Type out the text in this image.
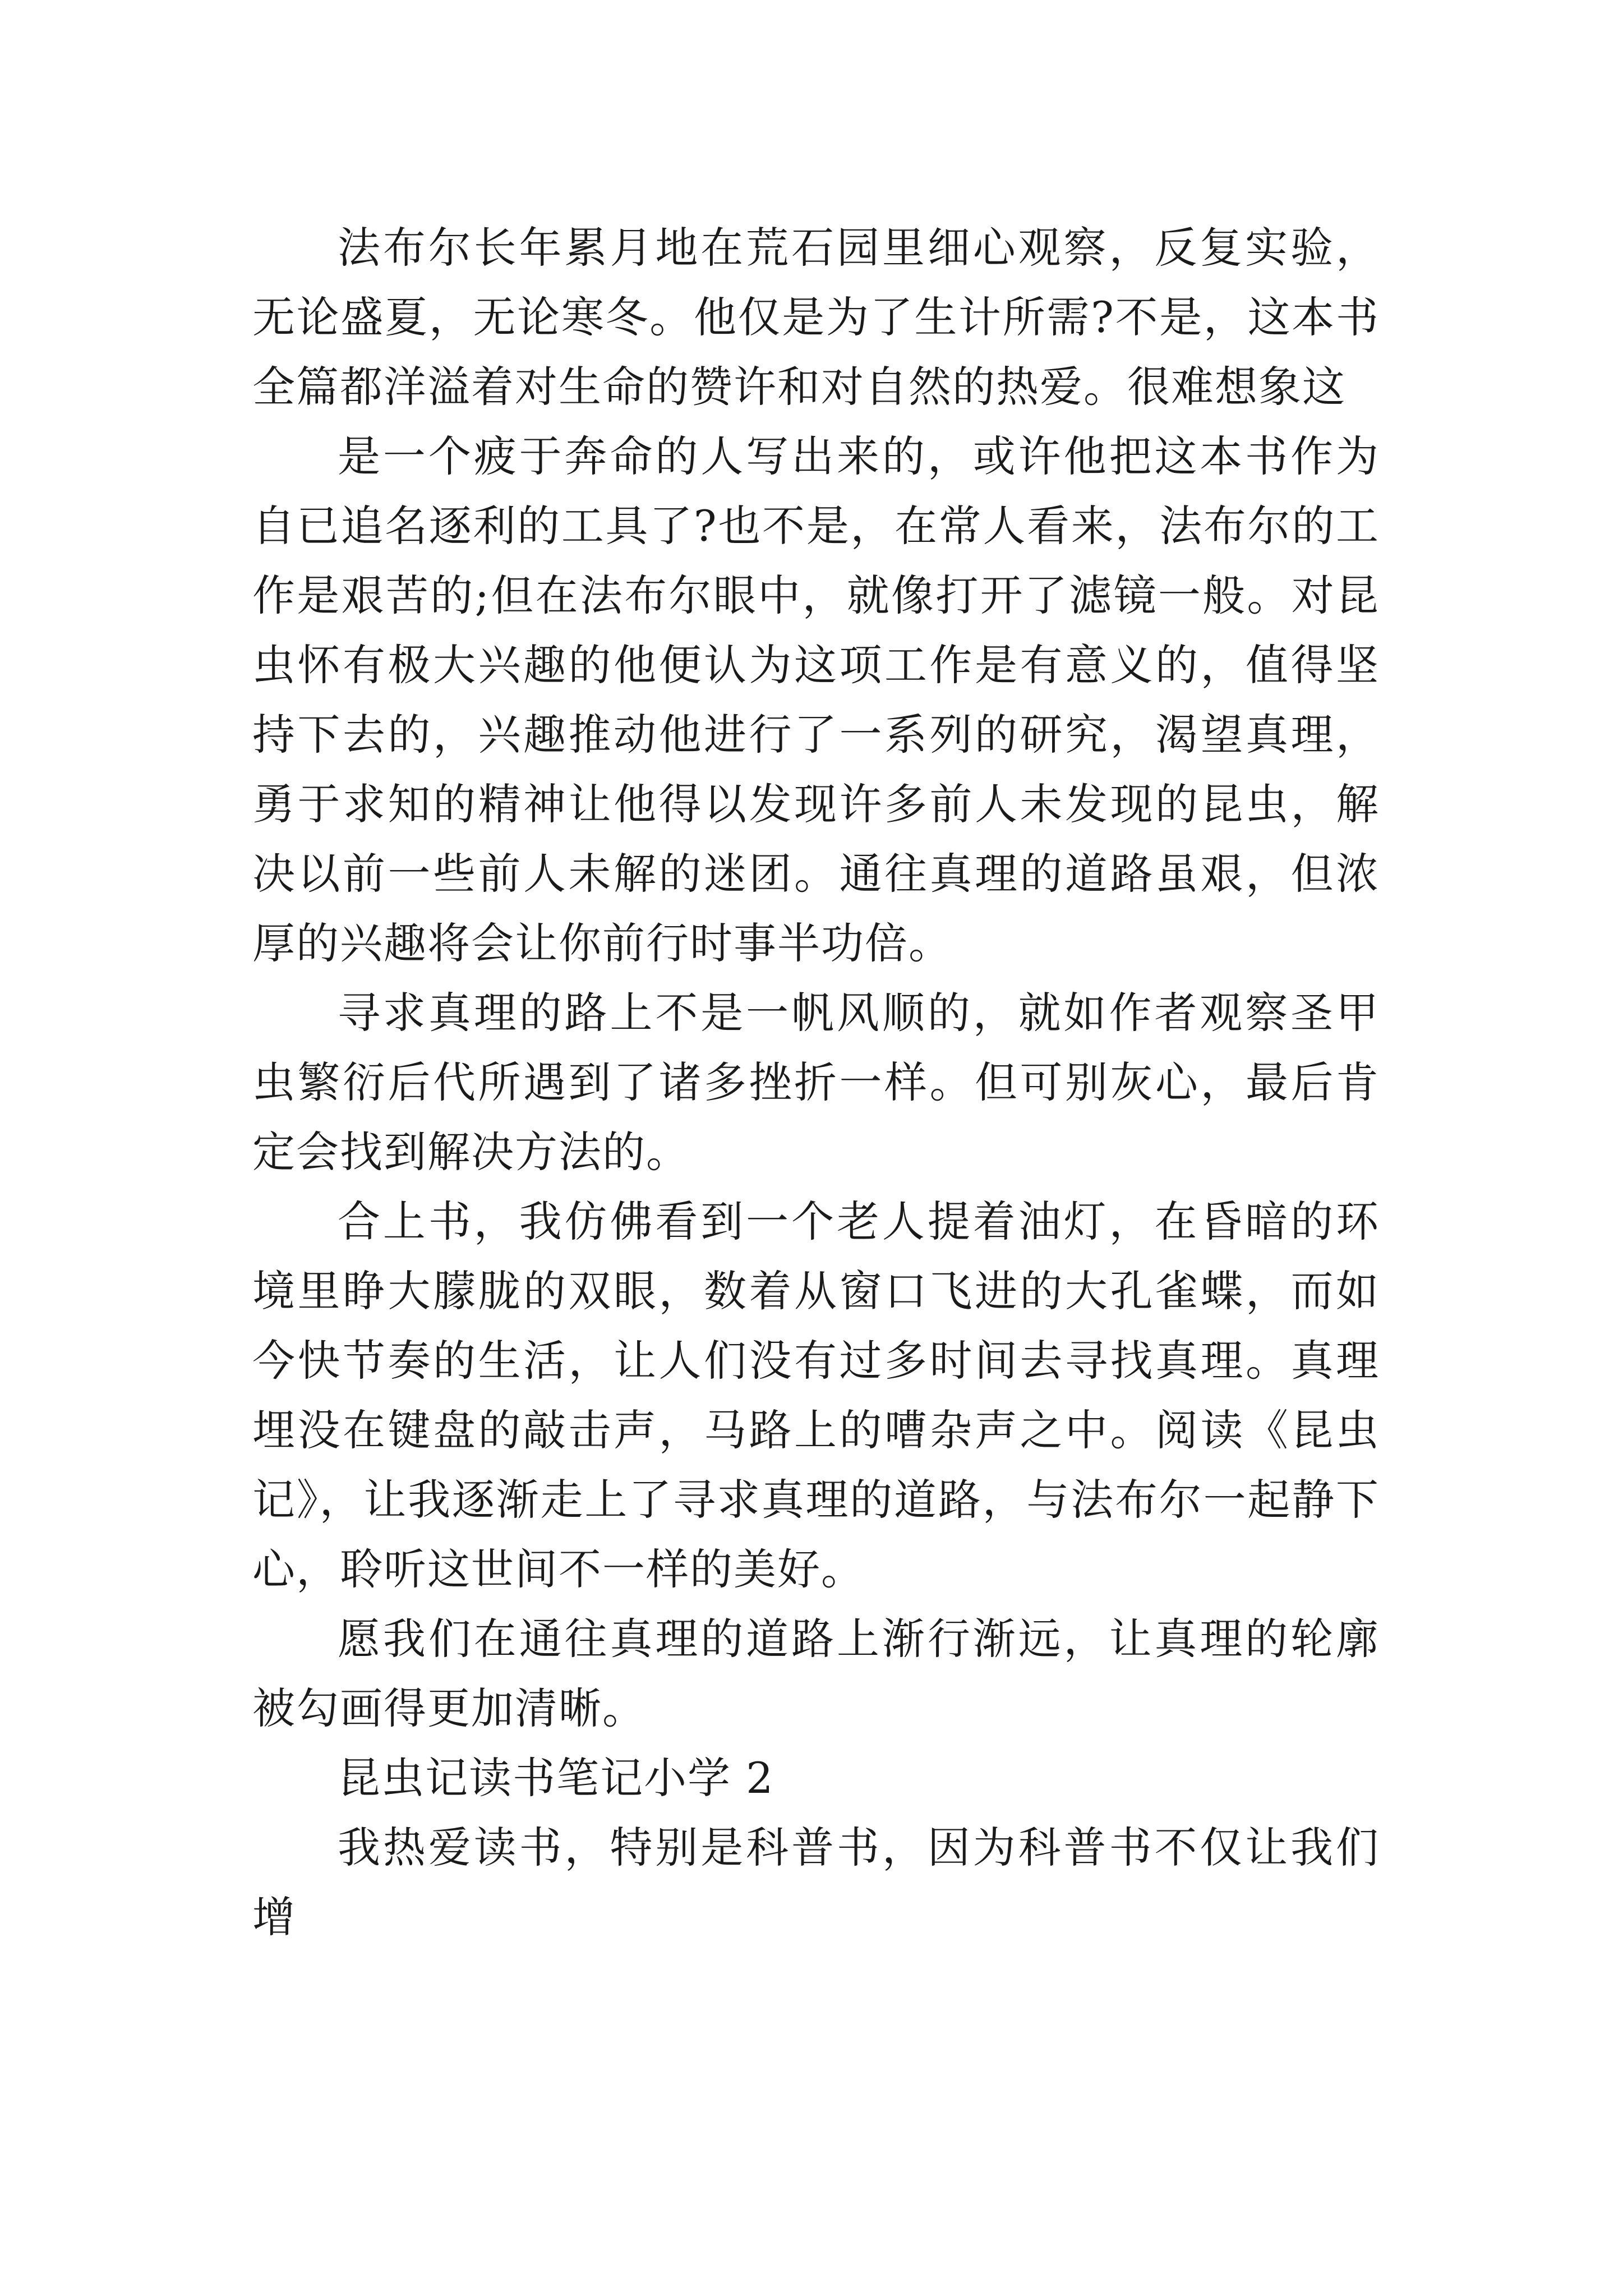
法布尔长年累月地在荒石园里细心观察，反复实验，无论盛夏，无论寒冬。他仅是为了生计所需?不是，这本书全篇都洋溢着对生命的赞许和对自然的热爱。很难想象这

是一个疲于奔命的人写出来的，或许他把这本书作为自已追名逐利的工具了?也不是，在常人看来，法布尔的工作是艰苦的;但在法布尔眼中，就像打开了滤镜一般。对昆虫怀有极大兴趣的他便认为这项工作是有意义的，值得坚持下去的，兴趣推动他进行了一系列的研究，渴望真理，勇于求知的精神让他得以发现许多前人未发现的昆虫，解决以前一些前人未解的迷团。通往真理的道路虽艰，但浓厚的兴趣将会让你前行时事半功倍。

寻求真理的路上不是一帆风顺的，就如作者观察圣甲虫繁衍后代所遇到了诸多挫折一样。但可别灰心，最后肯定会找到解决方法的。

合上书，我仿佛看到一个老人提着油灯，在昏暗的环境里睁大朦胧的双眼，数着从窗口飞进的大孔雀蝶，而如今快节奏的生活，让人们没有过多时间去寻找真理。真理埋没在键盘的敲击声，马路上的嘈杂声之中。阅读《昆虫记》，让我逐渐走上了寻求真理的道路，与法布尔一起静下心，聆听这世间不一样的美好。

愿我们在通往真理的道路上渐行渐远，让真理的轮廓被勾画得更加清晰。

昆虫记读书笔记小学 2

我热爱读书，特别是科普书，因为科普书不仅让我们增
